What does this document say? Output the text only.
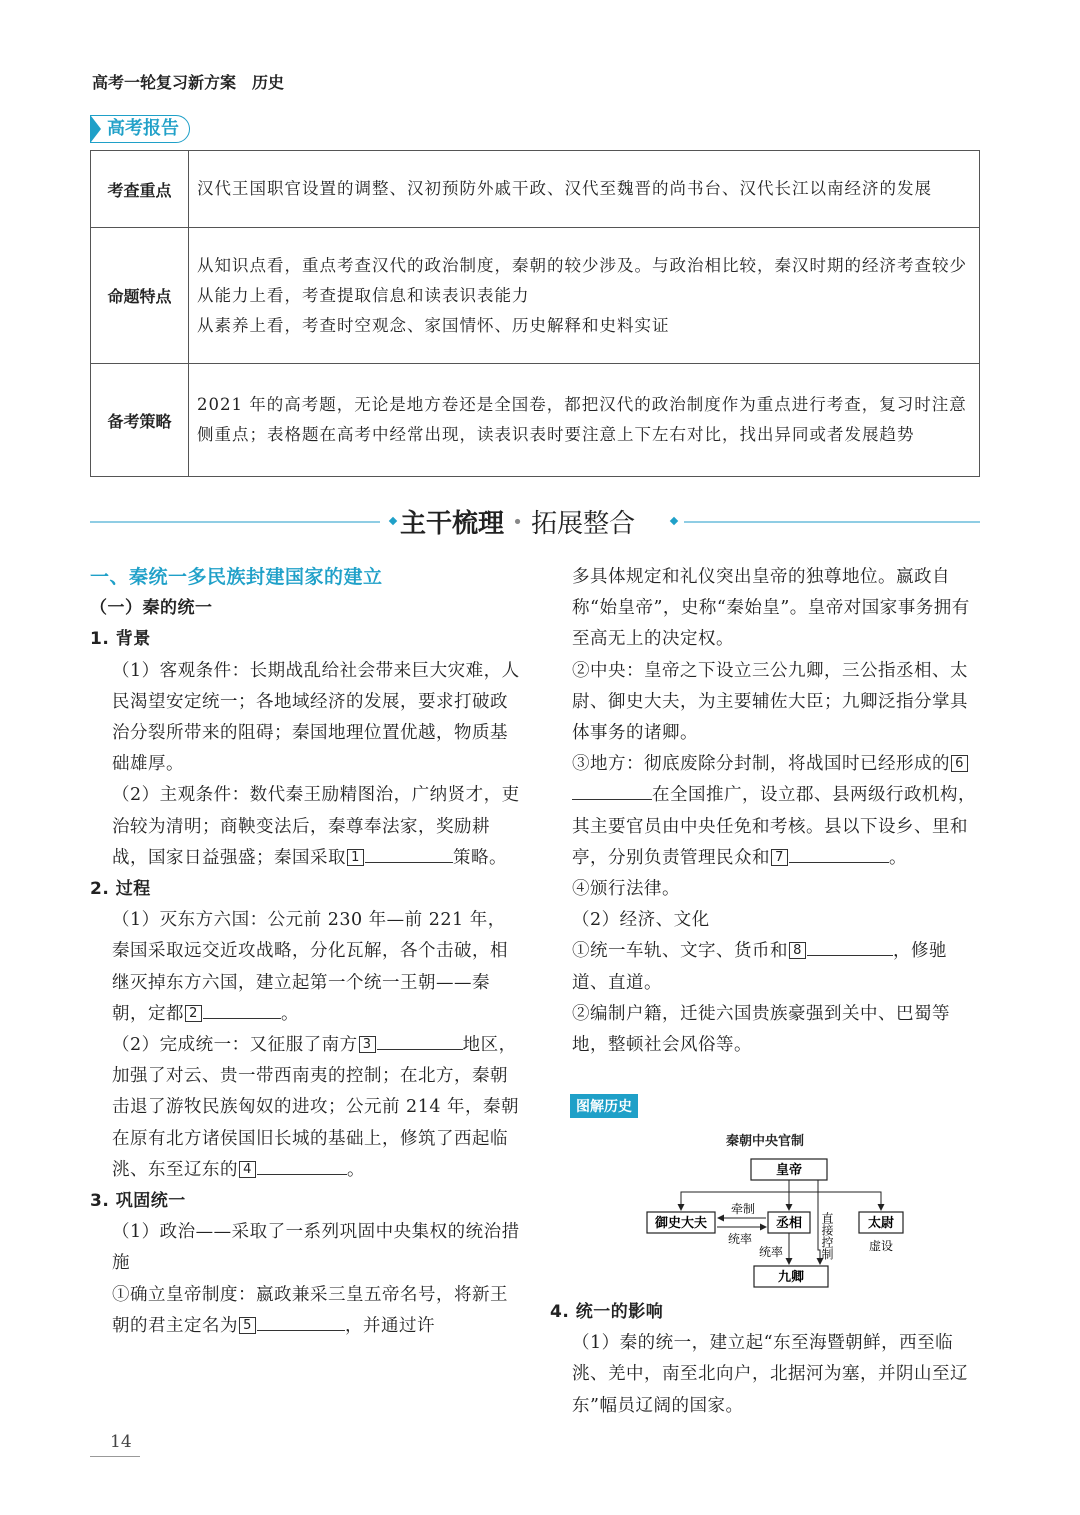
高考一轮复习新方案　历史
高考报告
考查重点	汉代王国职官设置的调整、汉初预防外戚干政、汉代至魏晋的尚书台、汉代长江以南经济的发展
命题特点	从知识点看，重点考查汉代的政治制度，秦朝的较少涉及。与政治相比较，秦汉时期的经济考查较少
从能力上看，考查提取信息和读表识表能力
从素养上看，考查时空观念、家国情怀、历史解释和史料实证

备考策略	2021 年的高考题，无论是地方卷还是全国卷，都把汉代的政治制度作为重点进行考查，复习时注意侧重点；表格题在高考中经常出现，读表识表时要注意上下左右对比，找出异同或者发展趋势
主干梳理 • 拓展整合

一、秦统一多民族封建国家的建立

（一）秦的统一

1. 背景

（1）客观条件：长期战乱给社会带来巨大灾难，人民渴望安定统一；各地域经济的发展，要求打破政治分裂所带来的阻碍；秦国地理位置优越，物质基础雄厚。

（2）主观条件：数代秦王励精图治，广纳贤才，吏治较为清明；商鞅变法后，秦尊奉法家，奖励耕战，国家日益强盛；秦国采取 1	策略。

2. 过程

（1）灭东方六国：公元前 230 年—前 221 年，秦国采取远交近攻战略，分化瓦解，各个击破，相继灭掉东方六国，建立起第一个统一王朝——秦朝，定都 2	。

（2）完成统一：又征服了南方 3	地区，加强了对云、贵一带西南夷的控制；在北方，秦朝击退了游牧民族匈奴的进攻；公元前 214 年，秦朝在原有北方诸侯国旧长城的基础上，修筑了西起临洮、东至辽东的 4	。

3. 巩固统一

（1）政治——采取了一系列巩固中央集权的统治措施

①确立皇帝制度：嬴政兼采三皇五帝名号，将新王朝的君主定名为 5	，并通过许

多具体规定和礼仪突出皇帝的独尊地位。嬴政自称“始皇帝”，史称“秦始皇”。皇帝对国家事务拥有至高无上的决定权。

②中央：皇帝之下设立三公九卿，三公指丞相、太尉、御史大夫，为主要辅佐大臣；九卿泛指分掌具体事务的诸卿。

③地方：彻底废除分封制，将战国时已经形成的 6在全国推广，设立郡、县两级行政机构，其主要官员由中央任免和考核。县以下设乡、里和亭，分别负责管理民众和 7	。

④颁行法律。

（2）经济、文化

①统一车轨、文字、货币和 8	，修驰道、直道。

②编制户籍，迁徙六国贵族豪强到关中、巴蜀等地，整顿社会风俗等。

图解历史
秦朝中央官制
皇帝
御史大夫	丞相	太尉
九卿
牵制
统率
统率	直接控制	虚设

4. 统一的影响

（1）秦的统一，建立起“东至海暨朝鲜，西至临洮、羌中，南至北向户，北据河为塞，并阴山至辽东”幅员辽阔的国家。

14
